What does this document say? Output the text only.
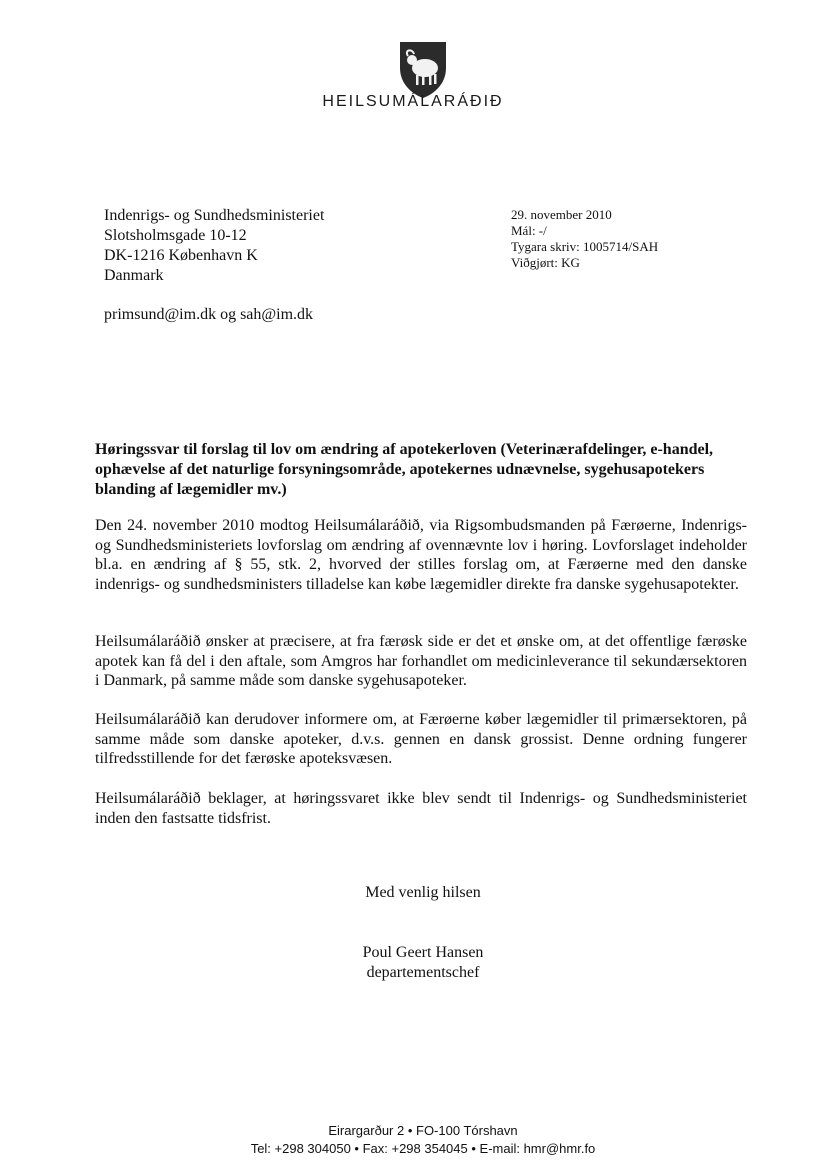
HEILSUMÁLARÁÐIÐ
Indenrigs- og Sundhedsministeriet
Slotsholmsgade 10-12
DK-1216 København K
Danmark
29. november 2010
Mál: -/
Tygara skriv: 1005714/SAH
Viðgjørt: KG
primsund@im.dk og sah@im.dk
Høringssvar til forslag til lov om ændring af apotekerloven (Veterinærafdelinger, e-handel, ophævelse af det naturlige forsyningsområde, apotekernes udnævnelse, sygehusapotekers blanding af lægemidler mv.)
Den 24. november 2010 modtog Heilsumálaráðið, via Rigsombudsmanden på Færøerne, Indenrigs- og Sundhedsministeriets lovforslag om ændring af ovennævnte lov i høring. Lovforslaget indeholder bl.a. en ændring af § 55, stk. 2, hvorved der stilles forslag om, at Færøerne med den danske indenrigs- og sundhedsministers tilladelse kan købe lægemidler direkte fra danske sygehusapotekter.
Heilsumálaráðið ønsker at præcisere, at fra færøsk side er det et ønske om, at det offentlige færøske apotek kan få del i den aftale, som Amgros har forhandlet om medicinleverance til sekundærsektoren i Danmark, på samme måde som danske sygehusapoteker.
Heilsumálaráðið kan derudover informere om, at Færøerne køber lægemidler til primærsektoren, på samme måde som danske apoteker, d.v.s. gennen en dansk grossist. Denne ordning fungerer tilfredsstillende for det færøske apoteksvæsen.
Heilsumálaráðið beklager, at høringssvaret ikke blev sendt til Indenrigs- og Sundhedsministeriet inden den fastsatte tidsfrist.
Med venlig hilsen
Poul Geert Hansen
departementschef
Eirargarður 2 • FO-100 Tórshavn
Tel: +298 304050 • Fax: +298 354045 • E-mail: hmr@hmr.fo
